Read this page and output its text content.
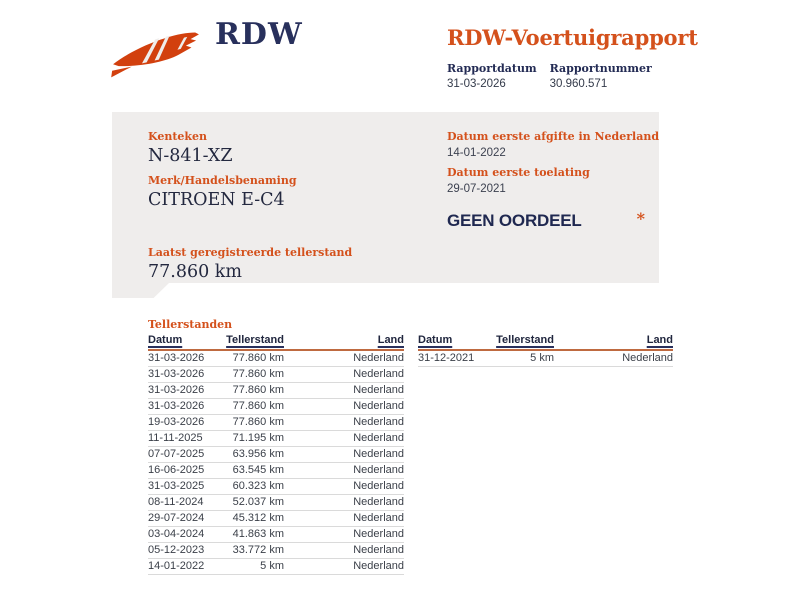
RDW	RDW-Voertuigrapport
Rapportdatum
31-03-2026
Rapportnummer
30.960.571
Kenteken
N-841-XZ
Merk/Handelsbenaming
CITROEN E-C4
Laatst geregistreerde tellerstand
77.860 km
Datum eerste afgifte in Nederland
14-01-2022
Datum eerste toelating
29-07-2021
GEEN OORDEEL	*
Tellerstanden
Datum	Tellerstand	Land
31-03-2026	77.860 km	Nederland
31-03-2026	77.860 km	Nederland
31-03-2026	77.860 km	Nederland
31-03-2026	77.860 km	Nederland
19-03-2026	77.860 km	Nederland
11-11-2025	71.195 km	Nederland
07-07-2025	63.956 km	Nederland
16-06-2025	63.545 km	Nederland
31-03-2025	60.323 km	Nederland
08-11-2024	52.037 km	Nederland
29-07-2024	45.312 km	Nederland
03-04-2024	41.863 km	Nederland
05-12-2023	33.772 km	Nederland
14-01-2022	5 km	Nederland
Datum	Tellerstand	Land
31-12-2021	5 km	Nederland
